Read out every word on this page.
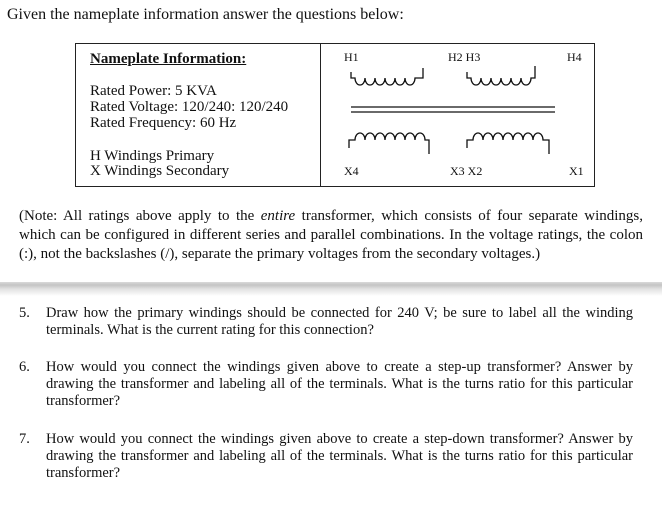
Given the nameplate information answer the questions below:
Nameplate Information:
Rated Power: 5 KVA
Rated Voltage: 120/240: 120/240
Rated Frequency: 60 Hz
H Windings Primary
X Windings Secondary
H1	H2 H3	H4
X4	X3 X2	X1
(Note: All ratings above apply to the entire transformer, which consists of four separate windings, which can be configured in different series and parallel combinations. In the voltage ratings, the colon (:), not the backslashes (/), separate the primary voltages from the secondary voltages.)
5.	Draw how the primary windings should be connected for 240 V; be sure to label all the winding terminals. What is the current rating for this connection?
6.	How would you connect the windings given above to create a step-up transformer? Answer by drawing the transformer and labeling all of the terminals. What is the turns ratio for this particular transformer?
7.	How would you connect the windings given above to create a step-down transformer? Answer by drawing the transformer and labeling all of the terminals. What is the turns ratio for this particular transformer?
